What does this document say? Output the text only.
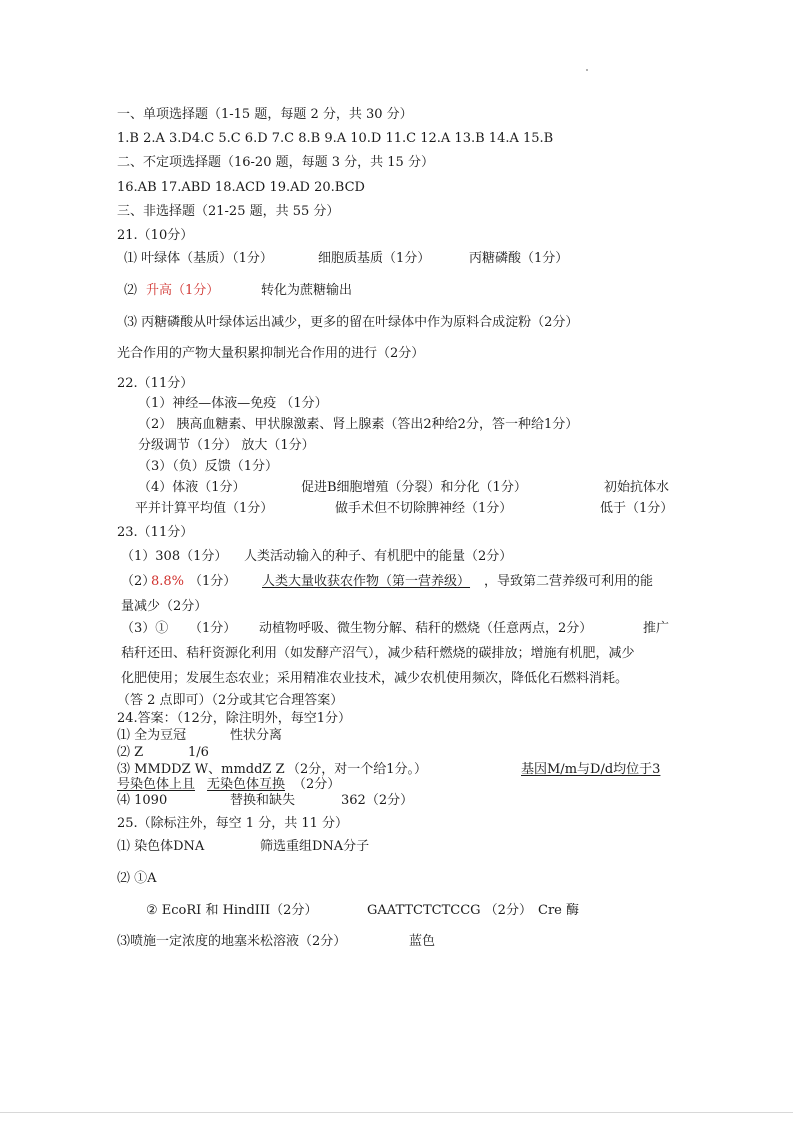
一、单项选择题（1-15 题，每题 2 分，共 30 分）
1.B 2.A 3.D4.C 5.C 6.D 7.C 8.B 9.A 10.D 11.C 12.A 13.B 14.A 15.B
二、不定项选择题（16-20 题，每题 3 分，共 15 分）
16.AB 17.ABD 18.ACD 19.AD 20.BCD
三、非选择题（21-25 题，共 55 分）
21.（10分）
⑴ 叶绿体（基质）（1分）	细胞质基质（1分）	丙糖磷酸（1分）
⑵ 升高（1分）	转化为蔗糖输出
⑶ 丙糖磷酸从叶绿体运出减少，更多的留在叶绿体中作为原料合成淀粉（2分）
光合作用的产物大量积累抑制光合作用的进行（2分）
22.（11分）
（1）神经—体液—免疫 （1分）
（2） 胰高血糖素、甲状腺激素、肾上腺素（答出2种给2分，答一种给1分）
分级调节（1分） 放大（1分）
（3）（负）反馈（1分）
（4）体液（1分）	促进B细胞增殖（分裂）和分化（1分）	初始抗体水
平并计算平均值（1分）	做手术但不切除脾神经（1分）	低于（1分）
23.（11分）
（1）308（1分） 人类活动输入的种子、有机肥中的能量（2分）
（2）
8.8% （1分） 人类大量收获农作物（第一营养级） ，导致第二营养级可利用的能
量减少（2分）
（3）① （1分） 动植物呼吸、微生物分解、秸秆的燃烧（任意两点，2分）	推广
秸秆还田、秸秆资源化利用（如发酵产沼气），减少秸秆燃烧的碳排放；增施有机肥，减少
化肥使用；发展生态农业；采用精准农业技术，减少农机使用频次，降低化石燃料消耗。
（答 2 点即可）（2分或其它合理答案）
24.答案：（12分，除注明外，每空1分）
⑴ 全为豆冠	性状分离
⑵ Z	1/6
⑶ MMDDZ W、mmddZ Z （2分，对一个给1分。）	基因M/m与D/d均位于3
号染色体上且 无染色体互换 （2分）
⑷ 1090	替换和缺失	362（2分）
25.（除标注外，每空 1 分，共 11 分）
⑴ 染色体DNA	筛选重组DNA分子
⑵ ①A
② EcoRI 和 HindIII（2分）	GAATTCTCTCCG （2分） Cre 酶
⑶喷施一定浓度的地塞米松溶液（2分）	蓝色
